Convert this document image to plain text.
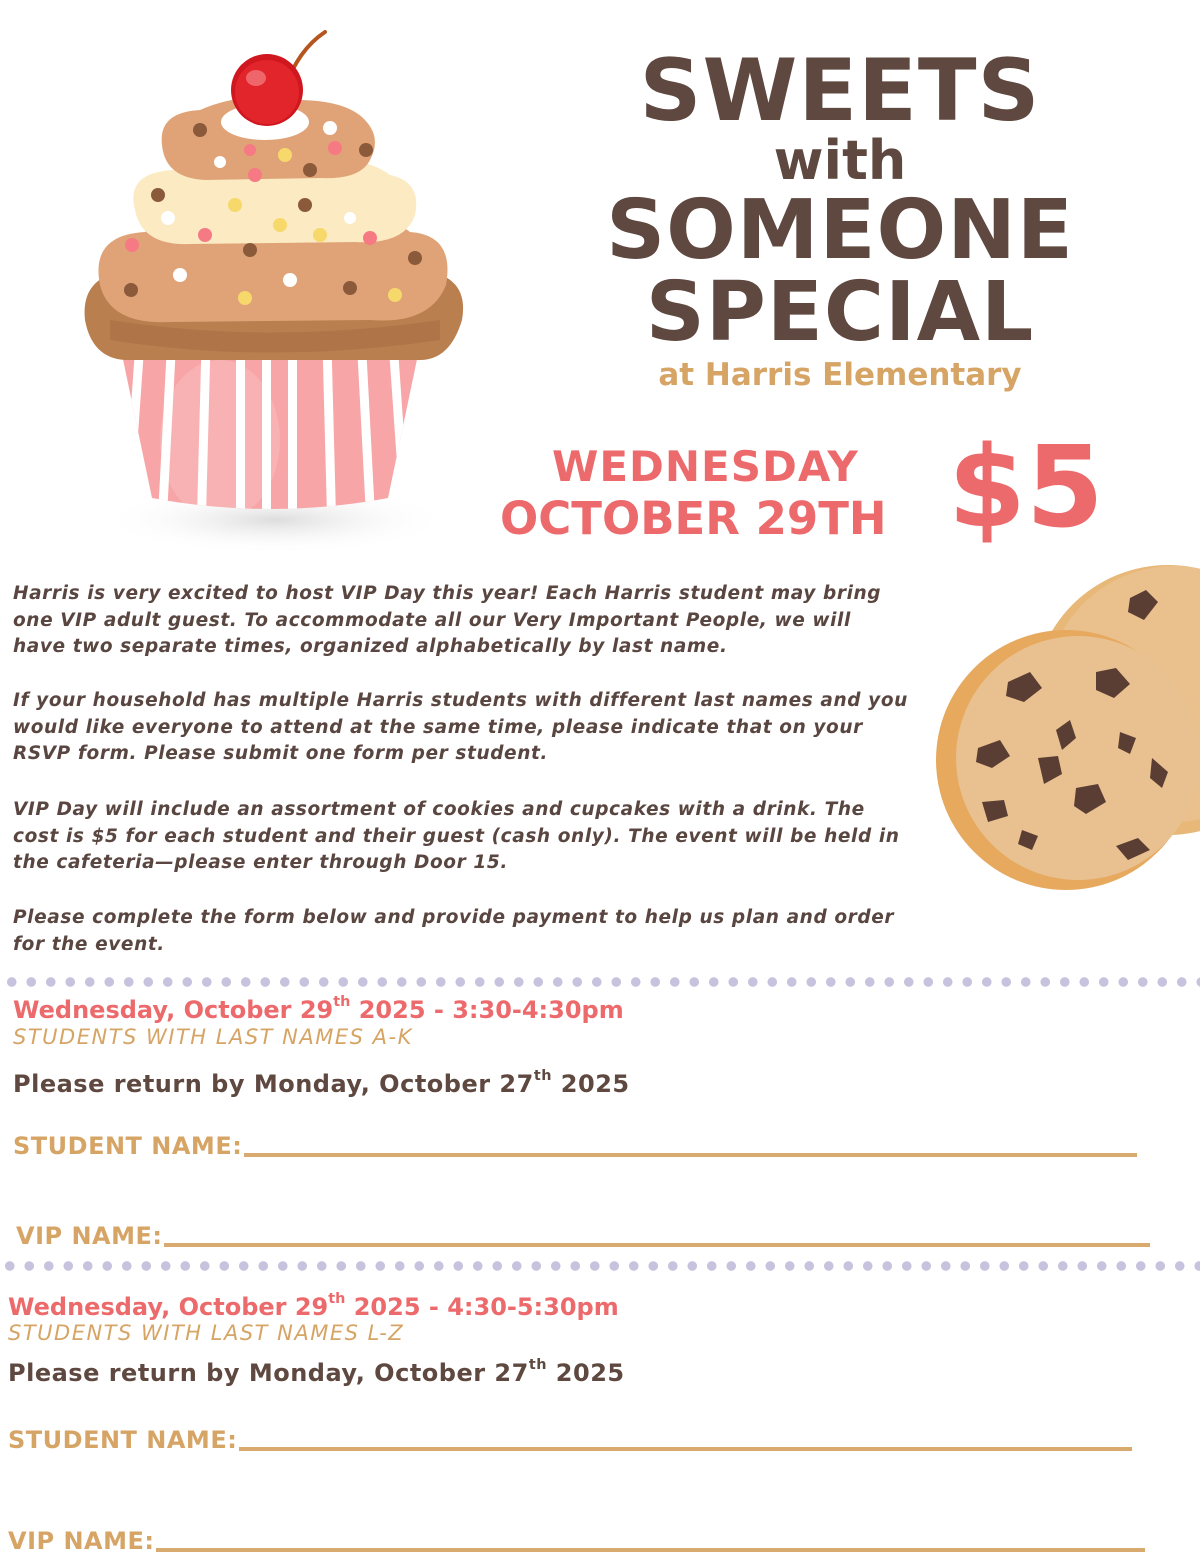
SWEETS
with
SOMEONE
SPECIAL
at Harris Elementary
WEDNESDAY
OCTOBER 29TH $5

Harris is very excited to host VIP Day this year! Each Harris student may bring
one VIP adult guest. To accommodate all our Very Important People, we will
have two separate times, organized alphabetically by last name.

If your household has multiple Harris students with different last names and you
would like everyone to attend at the same time, please indicate that on your
RSVP form. Please submit one form per student.

VIP Day will include an assortment of cookies and cupcakes with a drink. The
cost is $5 for each student and their guest (cash only). The event will be held in
the cafeteria—please enter through Door 15.

Please complete the form below and provide payment to help us plan and order
for the event.

Wednesday, October 29th 2025 - 3:30-4:30pm
STUDENTS WITH LAST NAMES A-K
Please return by Monday, October 27th 2025
STUDENT NAME:
VIP NAME:
Wednesday, October 29th 2025 - 4:30-5:30pm
STUDENTS WITH LAST NAMES L-Z
Please return by Monday, October 27th 2025
STUDENT NAME:
VIP NAME:
